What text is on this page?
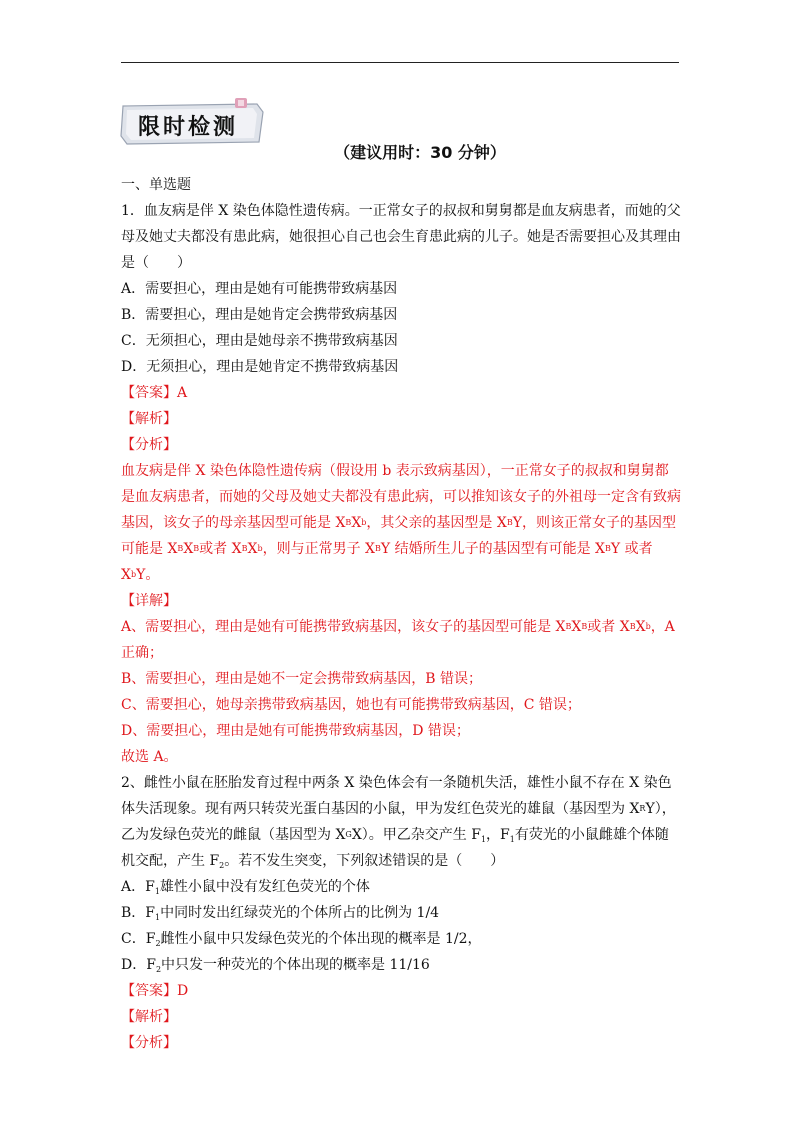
限时检测
（建议用时：30 分钟）
一、单选题
1．血友病是伴 X 染色体隐性遗传病。一正常女子的叔叔和舅舅都是血友病患者，而她的父母及她丈夫都没有患此病，她很担心自己也会生育患此病的儿子。她是否需要担心及其理由是（　　）
A．需要担心，理由是她有可能携带致病基因
B．需要担心，理由是她肯定会携带致病基因
C．无须担心，理由是她母亲不携带致病基因
D．无须担心，理由是她肯定不携带致病基因
【答案】A
【解析】
【分析】
血友病是伴 X 染色体隐性遗传病（假设用 b 表示致病基因），一正常女子的叔叔和舅舅都是血友病患者，而她的父母及她丈夫都没有患此病，可以推知该女子的外祖母一定含有致病基因，该女子的母亲基因型可能是 $X^BX^b$，其父亲的基因型是 $X^BY$，则该正常女子的基因型可能是 $X^BX^B$或者 $X^BX^b$，则与正常男子 $X^BY$ 结婚所生儿子的基因型有可能是 $X^BY$ 或者 $X^bY$。
【详解】
A、需要担心，理由是她有可能携带致病基因，该女子的基因型可能是 $X^BX^B$或者 $X^BX^b$，A 正确；
B、需要担心，理由是她不一定会携带致病基因，B 错误；
C、需要担心，她母亲携带致病基因，她也有可能携带致病基因，C 错误；
D、需要担心，理由是她有可能携带致病基因，D 错误；
故选 A。
2、雌性小鼠在胚胎发育过程中两条 X 染色体会有一条随机失活，雄性小鼠不存在 X 染色体失活现象。现有两只转荧光蛋白基因的小鼠，甲为发红色荧光的雄鼠（基因型为 $X^RY$），乙为发绿色荧光的雌鼠（基因型为 $X^GX$）。甲乙杂交产生 $F_1$，$F_1$有荧光的小鼠雌雄个体随机交配，产生 $F_2$。若不发生突变，下列叙述错误的是（　　）
A．$F_1$雄性小鼠中没有发红色荧光的个体
B．$F_1$中同时发出红绿荧光的个体所占的比例为 1/4
C．$F_2$雌性小鼠中只发绿色荧光的个体出现的概率是 1/2，
D．$F_2$中只发一种荧光的个体出现的概率是 11/16
【答案】D
【解析】
【分析】
